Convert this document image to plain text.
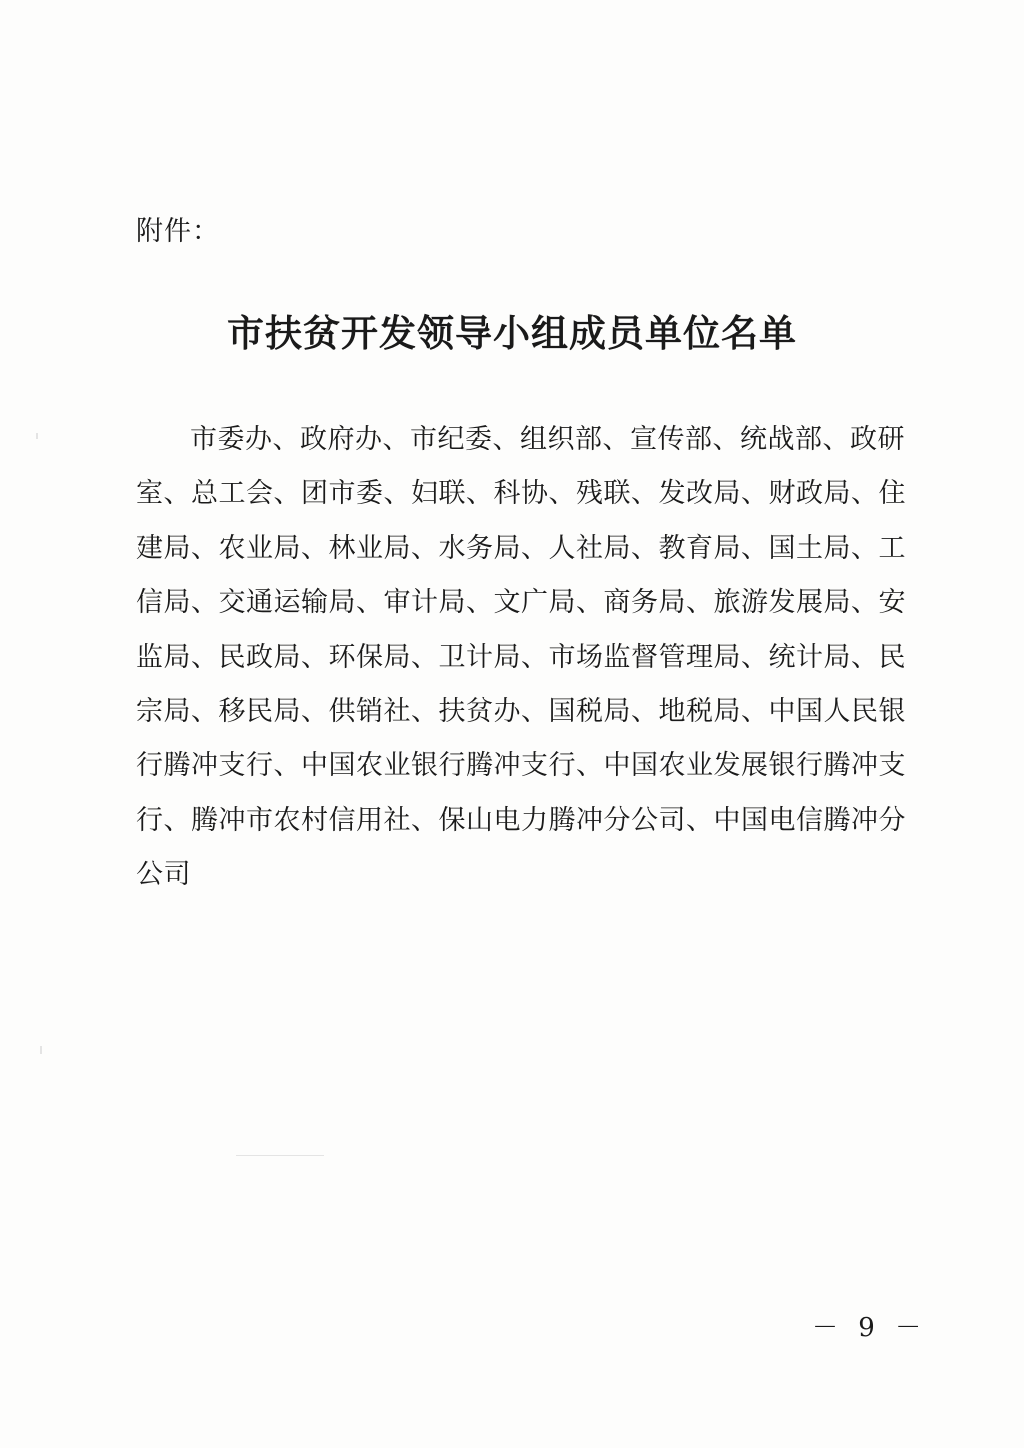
附件：
市扶贫开发领导小组成员单位名单
市委办、政府办、市纪委、组织部、宣传部、统战部、政研
室、总工会、团市委、妇联、科协、残联、发改局、财政局、住
建局、农业局、林业局、水务局、人社局、教育局、国土局、工
信局、交通运输局、审计局、文广局、商务局、旅游发展局、安
监局、民政局、环保局、卫计局、市场监督管理局、统计局、民
宗局、移民局、供销社、扶贫办、国税局、地税局、中国人民银
行腾冲支行、中国农业银行腾冲支行、中国农业发展银行腾冲支
行、腾冲市农村信用社、保山电力腾冲分公司、中国电信腾冲分
公司
－ 9 －
